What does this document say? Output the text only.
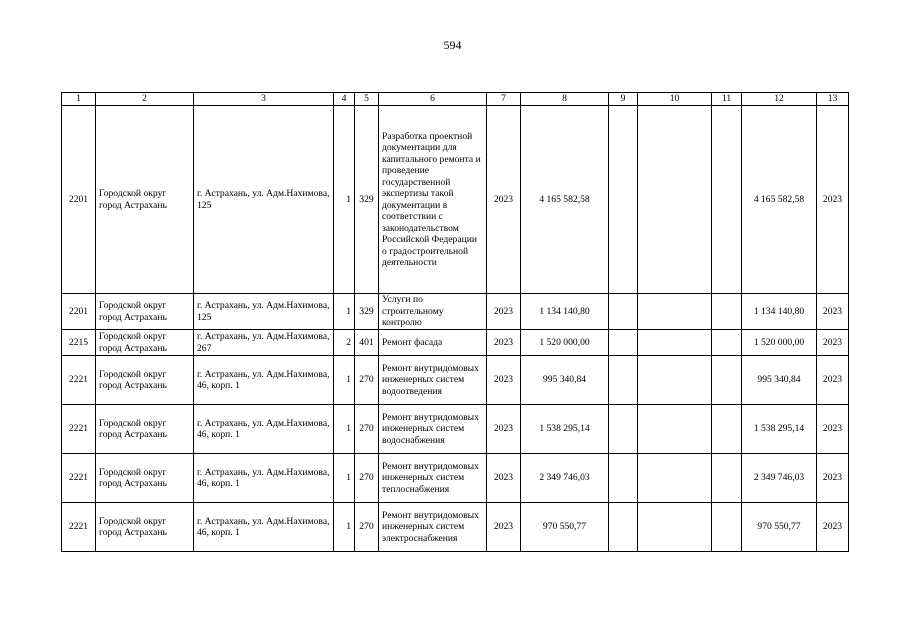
594
1	2	3	4	5	6	7	8	9	10	11	12	13
2201	Городской округ город Астрахань	г. Астрахань, ул. Адм.Нахимова, 125	1	329	Разработка проектной документации для капитального ремонта и проведение государственной экспертизы такой документации в соответствии с законодательством Российской Федерации о градостроительной деятельности	2023	4 165 582,58				4 165 582,58	2023
2201	Городской округ город Астрахань	г. Астрахань, ул. Адм.Нахимова, 125	1	329	Услуги по строительному контролю	2023	1 134 140,80				1 134 140,80	2023
2215	Городской округ город Астрахань	г. Астрахань, ул. Адм.Нахимова, 267	2	401	Ремонт фасада	2023	1 520 000,00				1 520 000,00	2023
2221	Городской округ город Астрахань	г. Астрахань, ул. Адм.Нахимова, 46, корп. 1	1	270	Ремонт внутридомовых инженерных систем водоотведения	2023	995 340,84				995 340,84	2023
2221	Городской округ город Астрахань	г. Астрахань, ул. Адм.Нахимова, 46, корп. 1	1	270	Ремонт внутридомовых инженерных систем водоснабжения	2023	1 538 295,14				1 538 295,14	2023
2221	Городской округ город Астрахань	г. Астрахань, ул. Адм.Нахимова, 46, корп. 1	1	270	Ремонт внутридомовых инженерных систем теплоснабжения	2023	2 349 746,03				2 349 746,03	2023
2221	Городской округ город Астрахань	г. Астрахань, ул. Адм.Нахимова, 46, корп. 1	1	270	Ремонт внутридомовых инженерных систем электроснабжения	2023	970 550,77				970 550,77	2023
